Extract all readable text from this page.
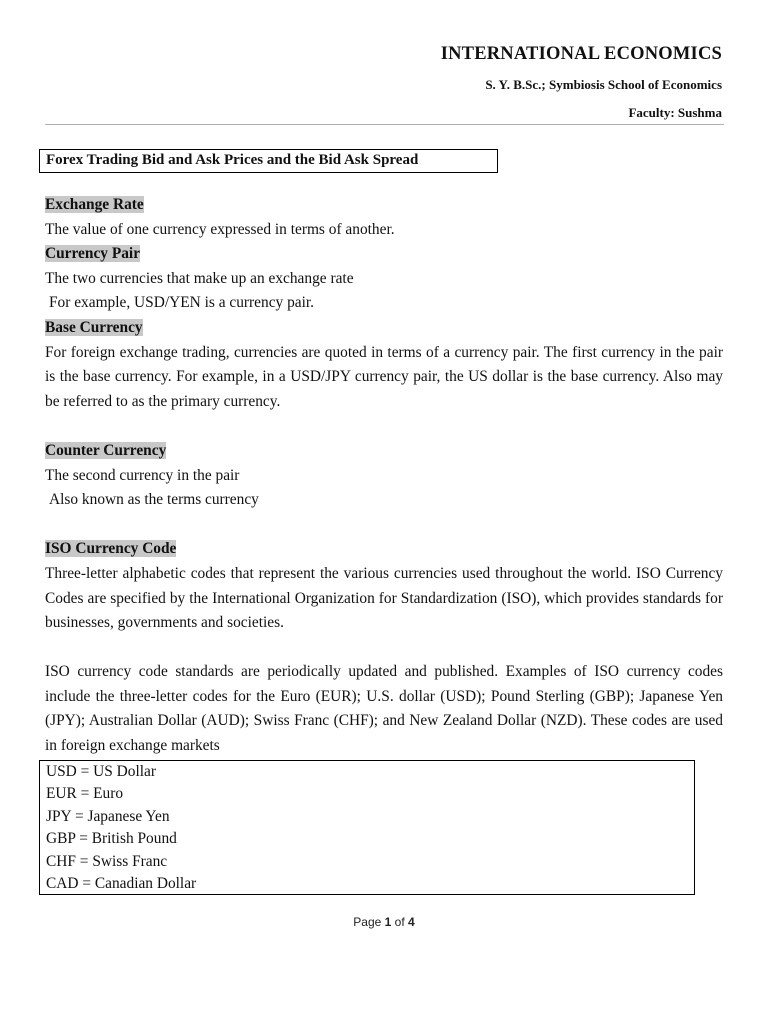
INTERNATIONAL ECONOMICS
S. Y. B.Sc.; Symbiosis School of Economics
Faculty: Sushma
Forex Trading Bid and Ask Prices and the Bid Ask Spread

Exchange Rate

The value of one currency expressed in terms of another.

Currency Pair

The two currencies that make up an exchange rate

For example, USD/YEN is a currency pair.

Base Currency

For foreign exchange trading, currencies are quoted in terms of a currency pair. The first currency in the pair is the base currency. For example, in a USD/JPY currency pair, the US dollar is the base currency. Also may be referred to as the primary currency.

Counter Currency

The second currency in the pair

Also known as the terms currency

ISO Currency Code

Three-letter alphabetic codes that represent the various currencies used throughout the world. ISO Currency Codes are specified by the International Organization for Standardization (ISO), which provides standards for businesses, governments and societies.

ISO currency code standards are periodically updated and published. Examples of ISO currency codes include the three-letter codes for the Euro (EUR); U.S. dollar (USD); Pound Sterling (GBP); Japanese Yen (JPY); Australian Dollar (AUD); Swiss Franc (CHF); and New Zealand Dollar (NZD). These codes are used in foreign exchange markets

USD = US Dollar
EUR = Euro
JPY = Japanese Yen
GBP = British Pound
CHF = Swiss Franc
CAD = Canadian Dollar
Page 1 of 4
